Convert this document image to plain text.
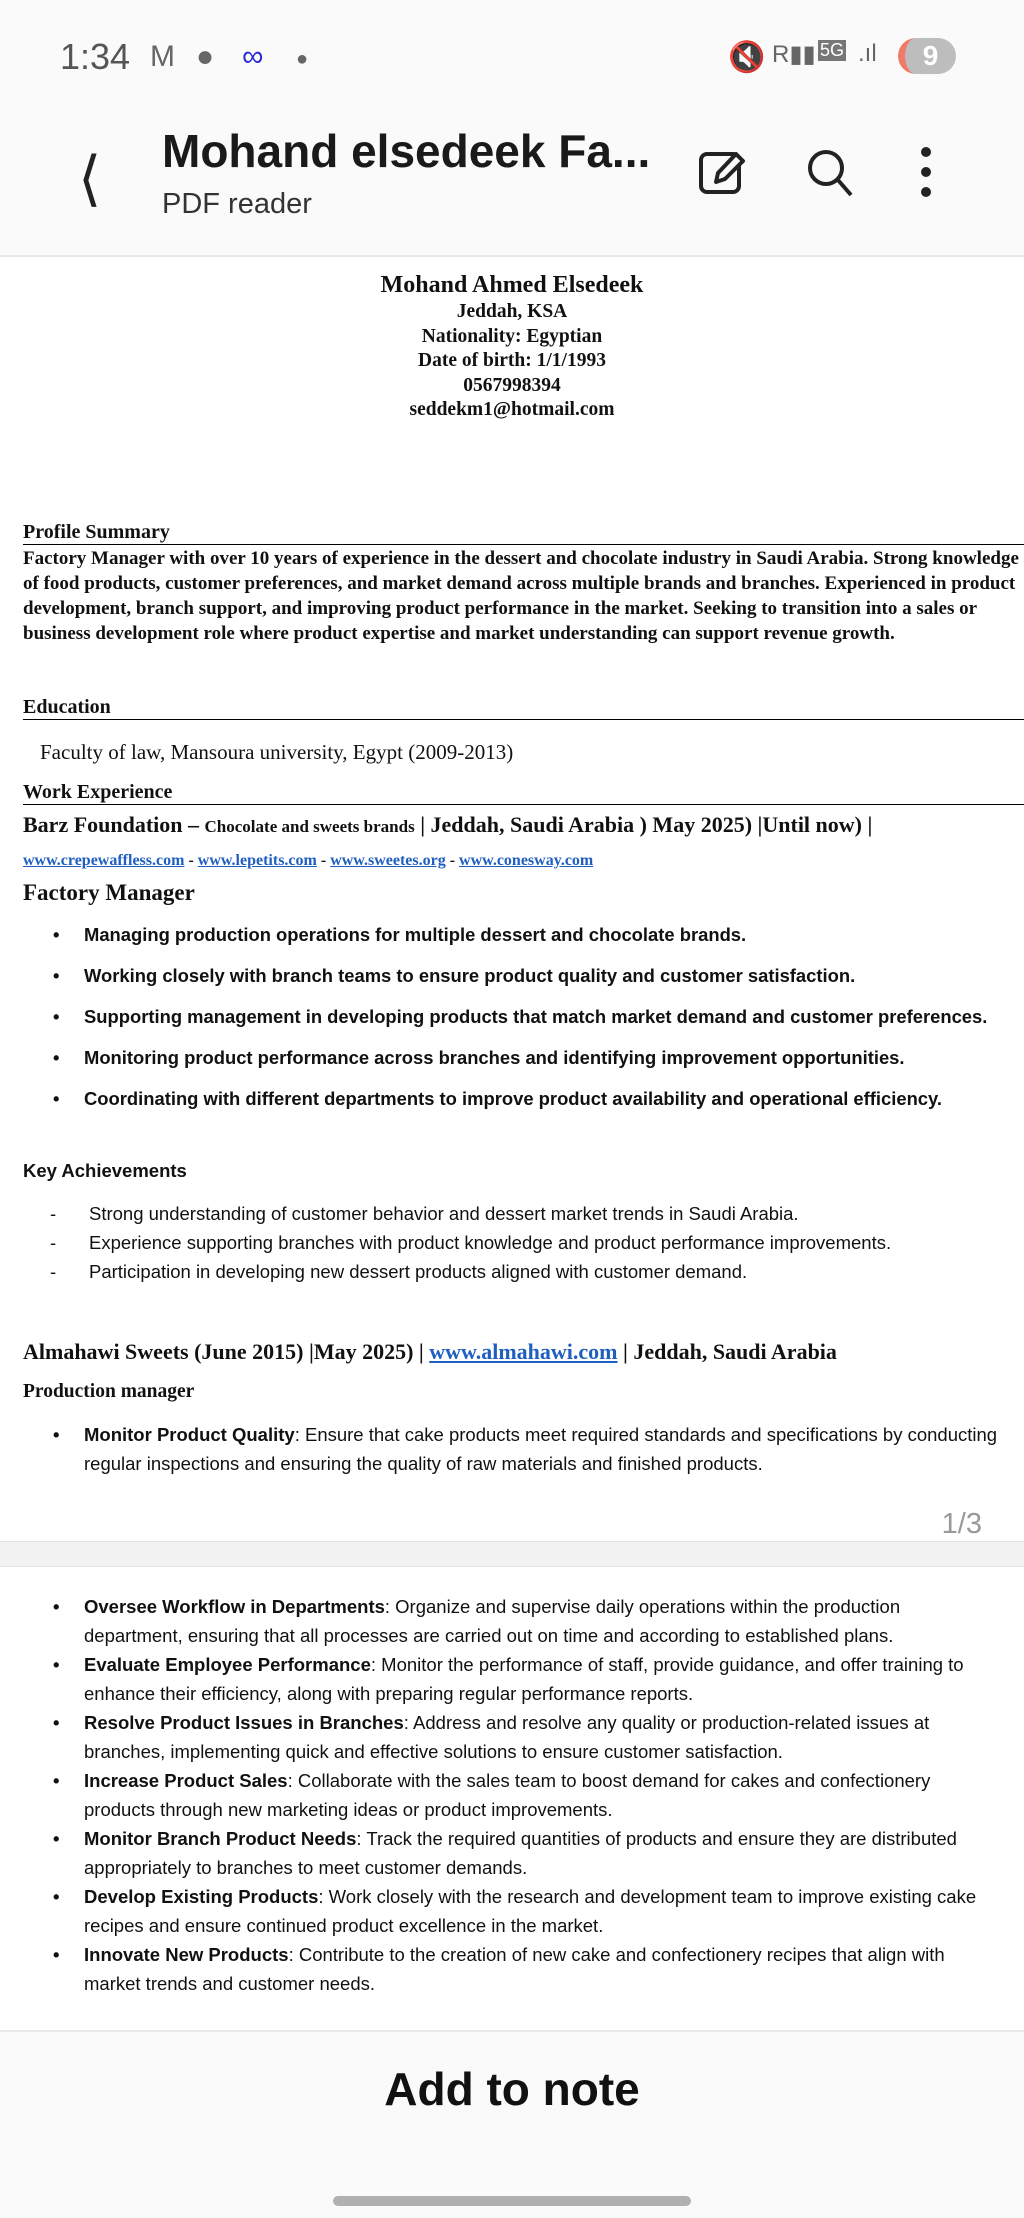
1:34 M ● ∞ ●	🔇 R▮▮ 5G .ıl	9
⟨ Mohand elsedeek Fa...
PDF reader
Mohand Ahmed Elsedeek
Jeddah, KSA
Nationality: Egyptian
Date of birth: 1/1/1993
0567998394
seddekm1@hotmail.com
Profile Summary
Factory Manager with over 10 years of experience in the dessert and chocolate industry in Saudi Arabia. Strong knowledge of food products, customer preferences, and market demand across multiple brands and branches. Experienced in product development, branch support, and improving product performance in the market. Seeking to transition into a sales or business development role where product expertise and market understanding can support revenue growth.
Education
Faculty of law, Mansoura university, Egypt (2009-2013)
Work Experience
Barz Foundation – Chocolate and sweets brands | Jeddah, Saudi Arabia ) May 2025) |Until now) |   www.crepewaffless.com - www.lepetits.com - www.sweetes.org - www.conesway.com
Factory Manager
• Managing production operations for multiple dessert and chocolate brands.
• Working closely with branch teams to ensure product quality and customer satisfaction.
• Supporting management in developing products that match market demand and customer preferences.
• Monitoring product performance across branches and identifying improvement opportunities.
• Coordinating with different departments to improve product availability and operational efficiency.
Key Achievements
- Strong understanding of customer behavior and dessert market trends in Saudi Arabia.
- Experience supporting branches with product knowledge and product performance improvements.
- Participation in developing new dessert products aligned with customer demand.
Almahawi Sweets (June 2015) |May 2025) | www.almahawi.com | Jeddah, Saudi Arabia
Production manager
• Monitor Product Quality: Ensure that cake products meet required standards and specifications by conducting regular inspections and ensuring the quality of raw materials and finished products.
1/3
• Oversee Workflow in Departments: Organize and supervise daily operations within the production department, ensuring that all processes are carried out on time and according to established plans.
• Evaluate Employee Performance: Monitor the performance of staff, provide guidance, and offer training to enhance their efficiency, along with preparing regular performance reports.
• Resolve Product Issues in Branches: Address and resolve any quality or production-related issues at branches, implementing quick and effective solutions to ensure customer satisfaction.
• Increase Product Sales: Collaborate with the sales team to boost demand for cakes and confectionery products through new marketing ideas or product improvements.
• Monitor Branch Product Needs: Track the required quantities of products and ensure they are distributed appropriately to branches to meet customer demands.
• Develop Existing Products: Work closely with the research and development team to improve existing cake recipes and ensure continued product excellence in the market.
• Innovate New Products: Contribute to the creation of new cake and confectionery recipes that align with market trends and customer needs.
Add to note
